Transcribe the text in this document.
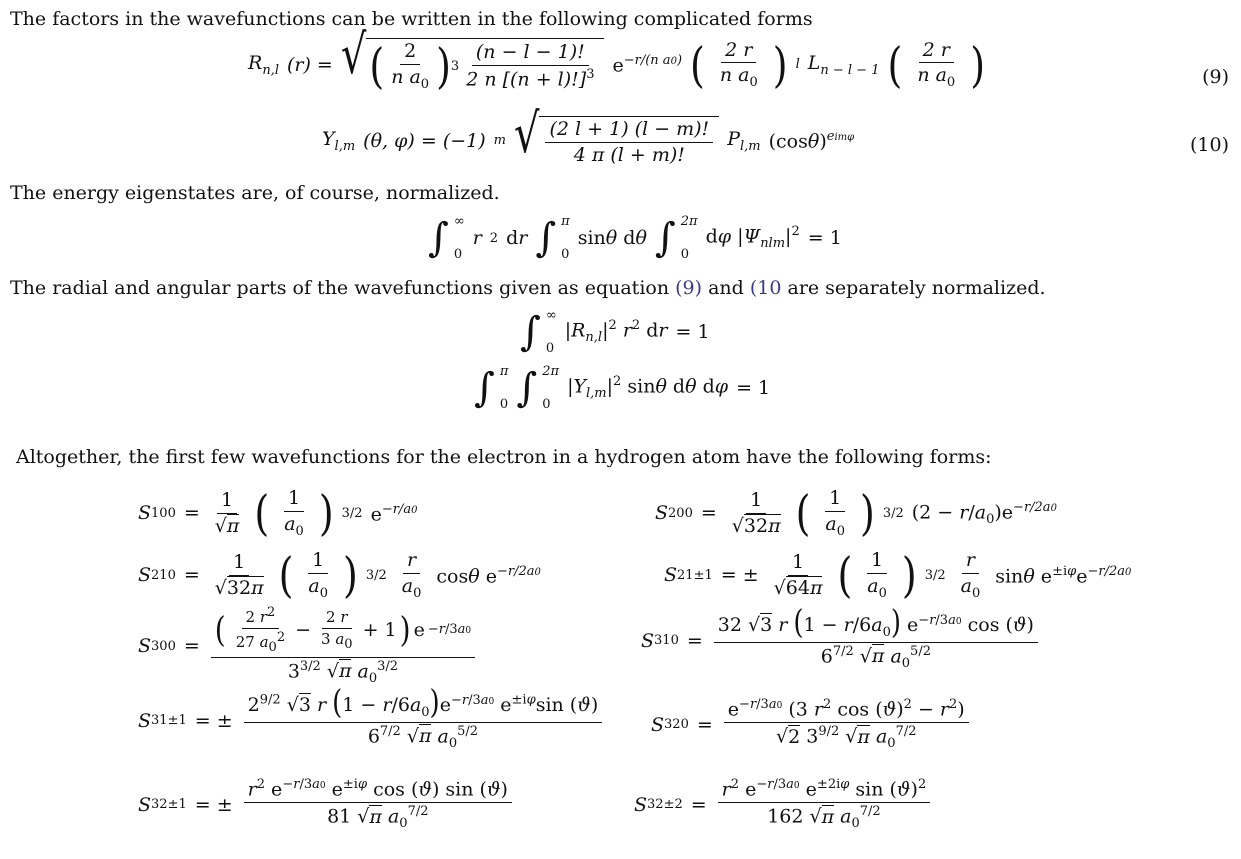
The factors in the wavefunctions can be written in the following complicated forms
$R_{n,l}$ (r) = √ ( $\frac{2}{n a_0}$ ) $3 \frac{(n - l - 1)!}{2 n [(n + l)!]^3} e^{-r/(n a0)}$ ( $\frac{2 r}{n a_0}$ ) l $L_{n - l - 1}$ ( $\frac{2 r}{n a_0}$ )	(9)
$Y_{l,m}$ (θ, φ) = (−1) m √ $\frac{(2 l + 1) (l - m)!}{4 \pi (l + m)!} P_{l,m}$ $(\cos\theta)^{eim\varphi}$	(10)
The energy eigenstates are, of course, normalized.
∫ ∞
0
r 2 dr ∫ π
0
sinθ dθ ∫ 2π
0
dφ $|\Psi_{nlm}|^2 = 1$
The radial and angular parts of the wavefunctions given as equation (9) and (10 are separately normalized.
∫ ∞
0
$|R_{n,l}|^2$ $r^2$ dr = 1
∫ π
0 ∫ 2π
0
$|Y_{l,m}|^2$ sinθ dθ dφ = 1
Altogether, the first few wavefunctions for the electron in a hydrogen atom have the following forms:
S $100 = \frac{1}{√\pi}$ ( $\frac{1}{a_0}$ ) 3/2 $e^{-r/a0}$
S $210 = \frac{1}{√32\pi}$ ( $\frac{1}{a_0}$ ) $3/2 \frac{r}{a_0}$ cosθ $e^{-r/2a0}$
S $300 = \frac{( \frac{2 r2}{27 a02} - \frac{2 r}{3 a0} + 1 ) e -r/3a0}{3^{3/2} √\pi a_0^{3/2}}$
S 31±1 = ± $\frac{2^{9/2} √3 r (1 - r/6a_0)e^{-r/3a0} e^{\pm i\varphi}\sin (ϑ)}{6^{7/2} √\pi a_0^{5/2}}$
S 32±1 = ± $\frac{r^2 e^{-r/3a0} e^{\pm i\varphi} \cos (ϑ) \sin (ϑ)}{81 √\pi a_0^{7/2}}$
S $200 = \frac{1}{√32\pi}$ ( $\frac{1}{a_0}$ ) 3/2 $(2 - r/a_0)e^{-r/2a0}$
S 21±1 = ± $\frac{1}{√64\pi}$ ( $\frac{1}{a_0}$ ) $3/2 \frac{r}{a_0}$ sinθ $e^{\pm i\varphi}e^{-r/2a0}$
S $310 = \frac{32 √3 r (1 - r/6a_0) e^{-r/3a0} \cos (ϑ)}{6^{7/2} √\pi a_0^{5/2}}$
S $320 = \frac{e^{-r/3a0} (3 r^2 \cos (ϑ)^2 - r^2)}{√2 3^{9/2} √\pi a_0^{7/2}}$
S $32\pm 2 = \frac{r^2 e^{-r/3a0} e^{\pm 2i\varphi} \sin (ϑ)^2}{162 √\pi a_0^{7/2}}$
